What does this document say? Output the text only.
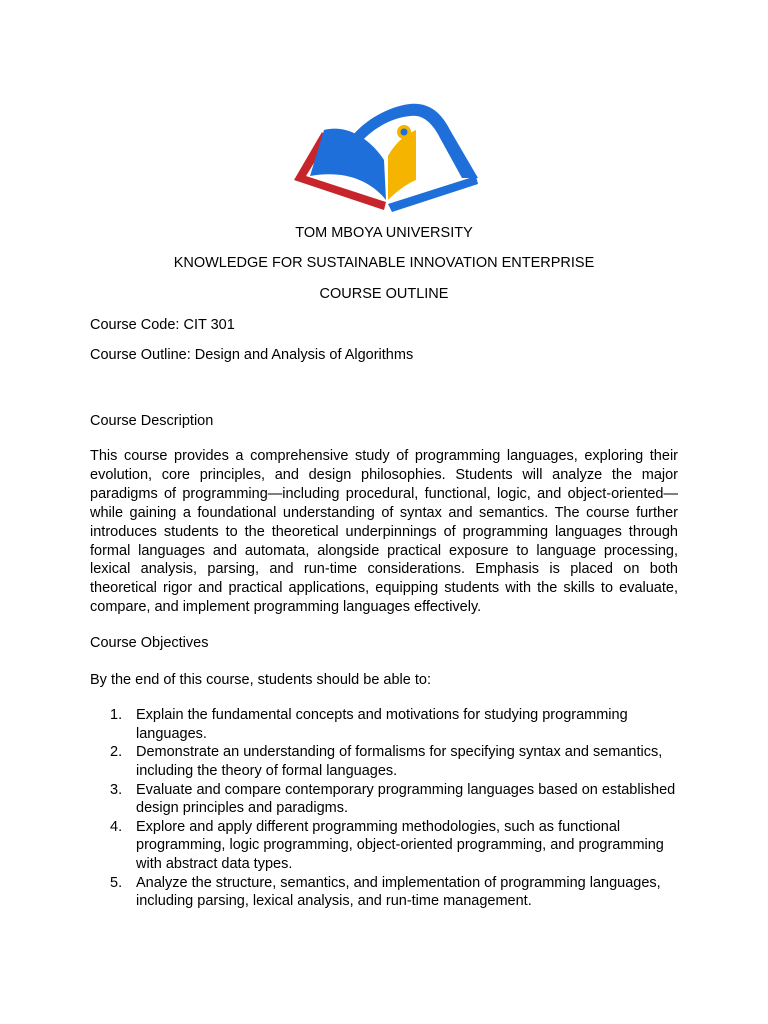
TOM MBOYA UNIVERSITY
KNOWLEDGE FOR SUSTAINABLE INNOVATION ENTERPRISE
COURSE OUTLINE
Course Code: CIT 301
Course Outline: Design and Analysis of Algorithms
Course Description

This course provides a comprehensive study of programming languages, exploring their evolution, core principles, and design philosophies. Students will analyze the major paradigms of programming—including procedural, functional, logic, and object-oriented—while gaining a foundational understanding of syntax and semantics. The course further introduces students to the theoretical underpinnings of programming languages through formal languages and automata, alongside practical exposure to language processing, lexical analysis, parsing, and run-time considerations. Emphasis is placed on both theoretical rigor and practical applications, equipping students with the skills to evaluate, compare, and implement programming languages effectively.

Course Objectives
By the end of this course, students should be able to:
1. Explain the fundamental concepts and motivations for studying programming languages.
2. Demonstrate an understanding of formalisms for specifying syntax and semantics, including the theory of formal languages.
3. Evaluate and compare contemporary programming languages based on established design principles and paradigms.
4. Explore and apply different programming methodologies, such as functional programming, logic programming, object-oriented programming, and programming with abstract data types.
5. Analyze the structure, semantics, and implementation of programming languages, including parsing, lexical analysis, and run-time management.
